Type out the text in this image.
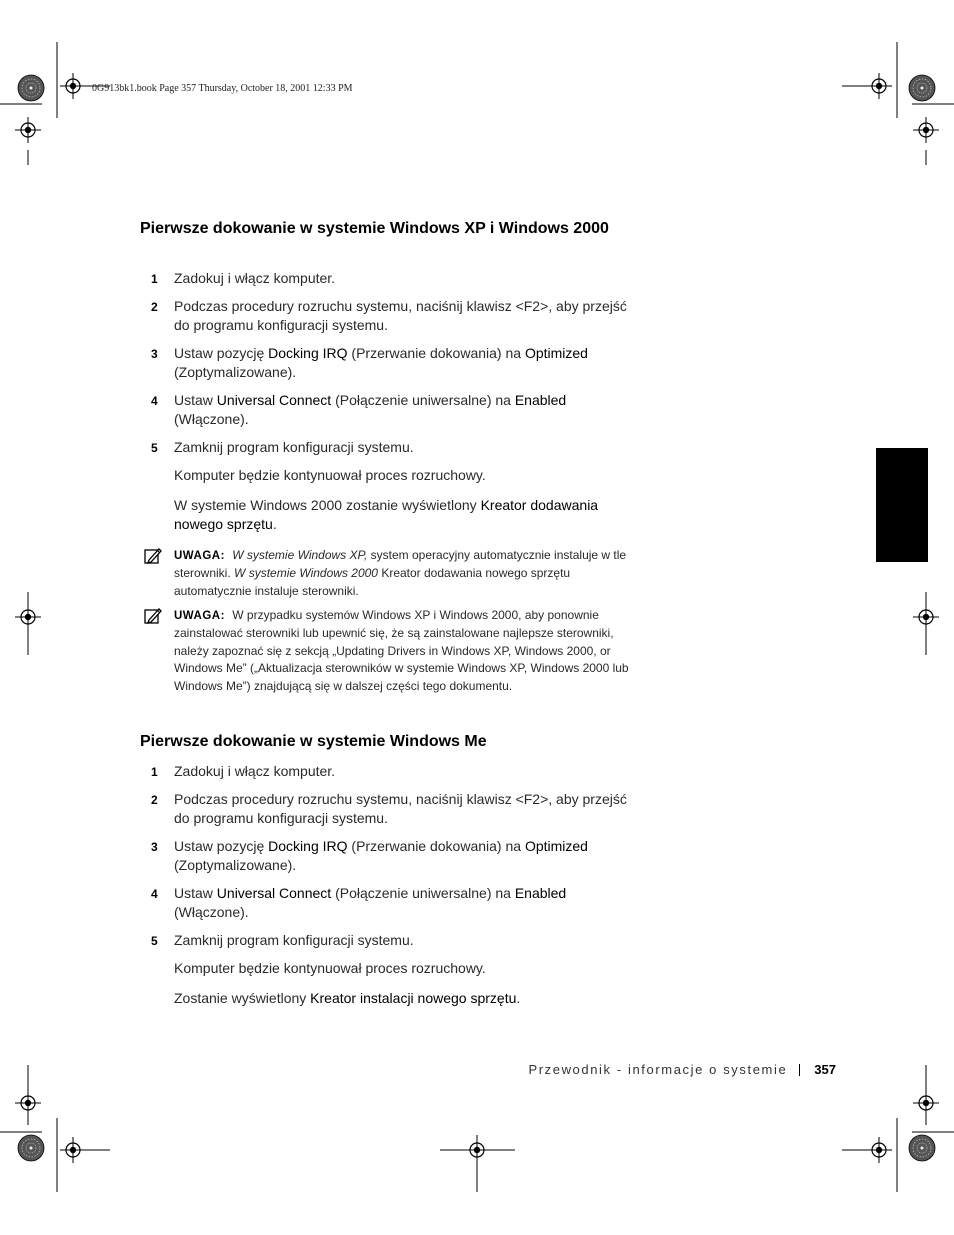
0G913bk1.book Page 357 Thursday, October 18, 2001 12:33 PM
Pierwsze dokowanie w systemie Windows XP i Windows 2000
1 Zadokuj i włącz komputer.
2 Podczas procedury rozruchu systemu, naciśnij klawisz <F2>, aby przejść do programu konfiguracji systemu.
3 Ustaw pozycję Docking IRQ (Przerwanie dokowania) na Optimized (Zoptymalizowane).
4 Ustaw Universal Connect (Połączenie uniwersalne) na Enabled (Włączone).
5 Zamknij program konfiguracji systemu.
Komputer będzie kontynuował proces rozruchowy.
W systemie Windows 2000 zostanie wyświetlony Kreator dodawania nowego sprzętu.
UWAGA: W systemie Windows XP, system operacyjny automatycznie instaluje w tle sterowniki. W systemie Windows 2000 Kreator dodawania nowego sprzętu automatycznie instaluje sterowniki.
UWAGA: W przypadku systemów Windows XP i Windows 2000, aby ponownie zainstalować sterowniki lub upewnić się, że są zainstalowane najlepsze sterowniki, należy zapoznać się z sekcją „Updating Drivers in Windows XP, Windows 2000, or Windows Me” („Aktualizacja sterowników w systemie Windows XP, Windows 2000 lub Windows Me”) znajdującą się w dalszej części tego dokumentu.
Pierwsze dokowanie w systemie Windows Me
1 Zadokuj i włącz komputer.
2 Podczas procedury rozruchu systemu, naciśnij klawisz <F2>, aby przejść do programu konfiguracji systemu.
3 Ustaw pozycję Docking IRQ (Przerwanie dokowania) na Optimized (Zoptymalizowane).
4 Ustaw Universal Connect (Połączenie uniwersalne) na Enabled (Włączone).
5 Zamknij program konfiguracji systemu.
Komputer będzie kontynuował proces rozruchowy.
Zostanie wyświetlony Kreator instalacji nowego sprzętu.
Przewodnik - informacje o systemie 357
